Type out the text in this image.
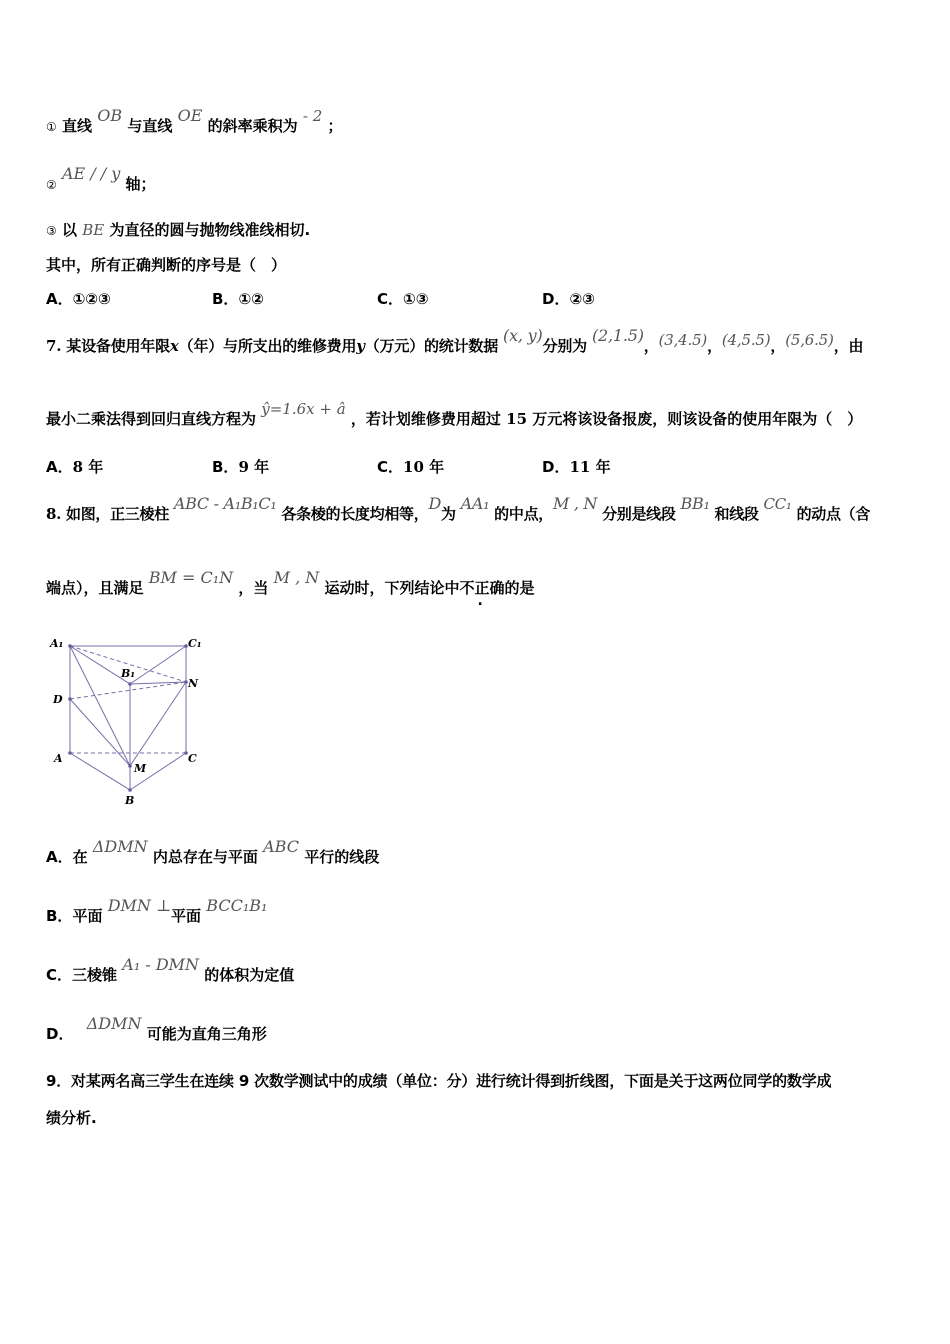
① 直线 OB 与直线 OE 的斜率乘积为 - 2 ；
② AE / / y 轴；
③ 以 BE 为直径的圆与抛物线准线相切.
其中，所有正确判断的序号是（　）
A．①②③	B．①②	C．①③	D．②③
7. 某设备使用年限x（年）与所支出的维修费用y（万元）的统计数据 (x, y)分别为 (2,1.5)，(3,4.5)，(4,5.5)，(5,6.5)，由
最小二乘法得到回归直线方程为 ŷ=1.6x + â ，若计划维修费用超过 15 万元将该设备报废，则该设备的使用年限为（　）
A．8 年	B．9 年	C．10 年	D．11 年
8. 如图，正三棱柱 ABC - A₁B₁C₁ 各条棱的长度均相等，D为 AA₁ 的中点，M , N 分别是线段 BB₁ 和线段 CC₁ 的动点（含
端点），且满足 BM = C₁N ，当 M , N 运动时，下列结论中不正确的是
A₁	C₁
B₁
N
D
A	C
M
B
A．在 ΔDMN 内总存在与平面 ABC 平行的线段
B．平面 DMN ⊥平面 BCC₁B₁
C．三棱锥 A₁ - DMN 的体积为定值
D． ΔDMN 可能为直角三角形
9．对某两名高三学生在连续 9 次数学测试中的成绩（单位：分）进行统计得到折线图，下面是关于这两位同学的数学成
绩分析.
